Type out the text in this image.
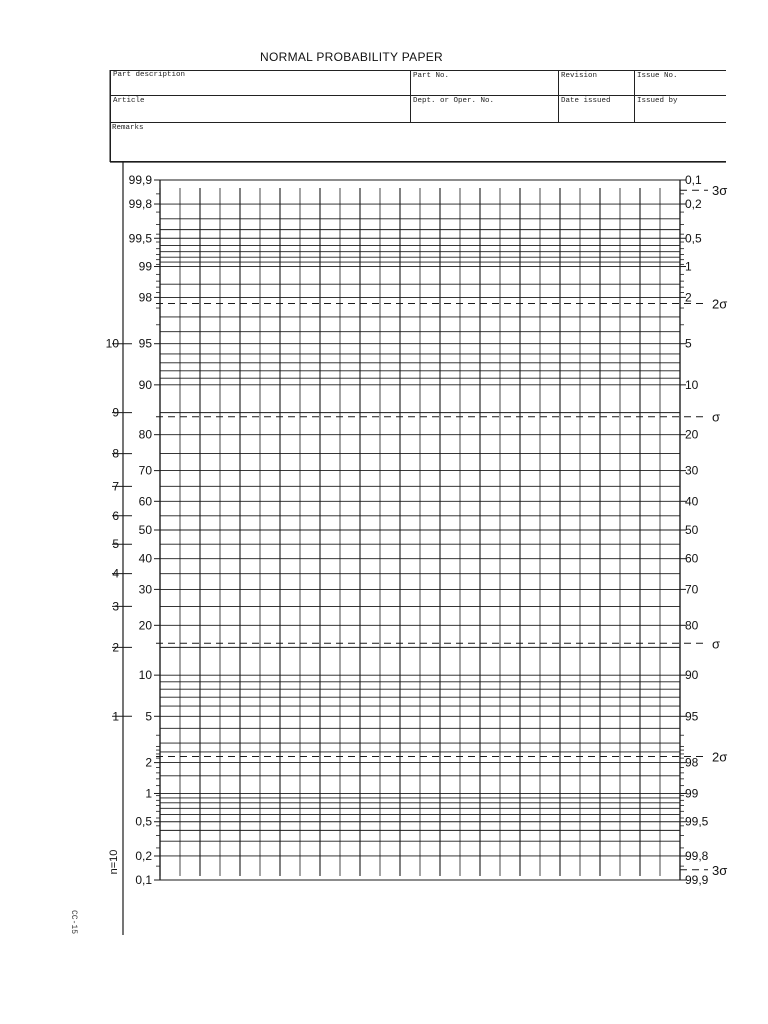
NORMAL PROBABILITY PAPER
Part description	Part No.	Revision	Issue No.
Article	Dept. or Oper. No.	Date issued	Issued by
Remarks
99,9
99,8
99,5
99
98
95
90
80
70
60
50
40
30
20
10
5
2
1
0,5
0,2
0,1
0,1
0,2
0,5
1
2
5
10
20
30
40
50
60
70
80
90
95
98
99
99,5
99,8
99,9
3σ
2σ
σ
σ
2σ
3σ
10
9
8
7
6
5
4
3
2
1
n=10
CC-15
